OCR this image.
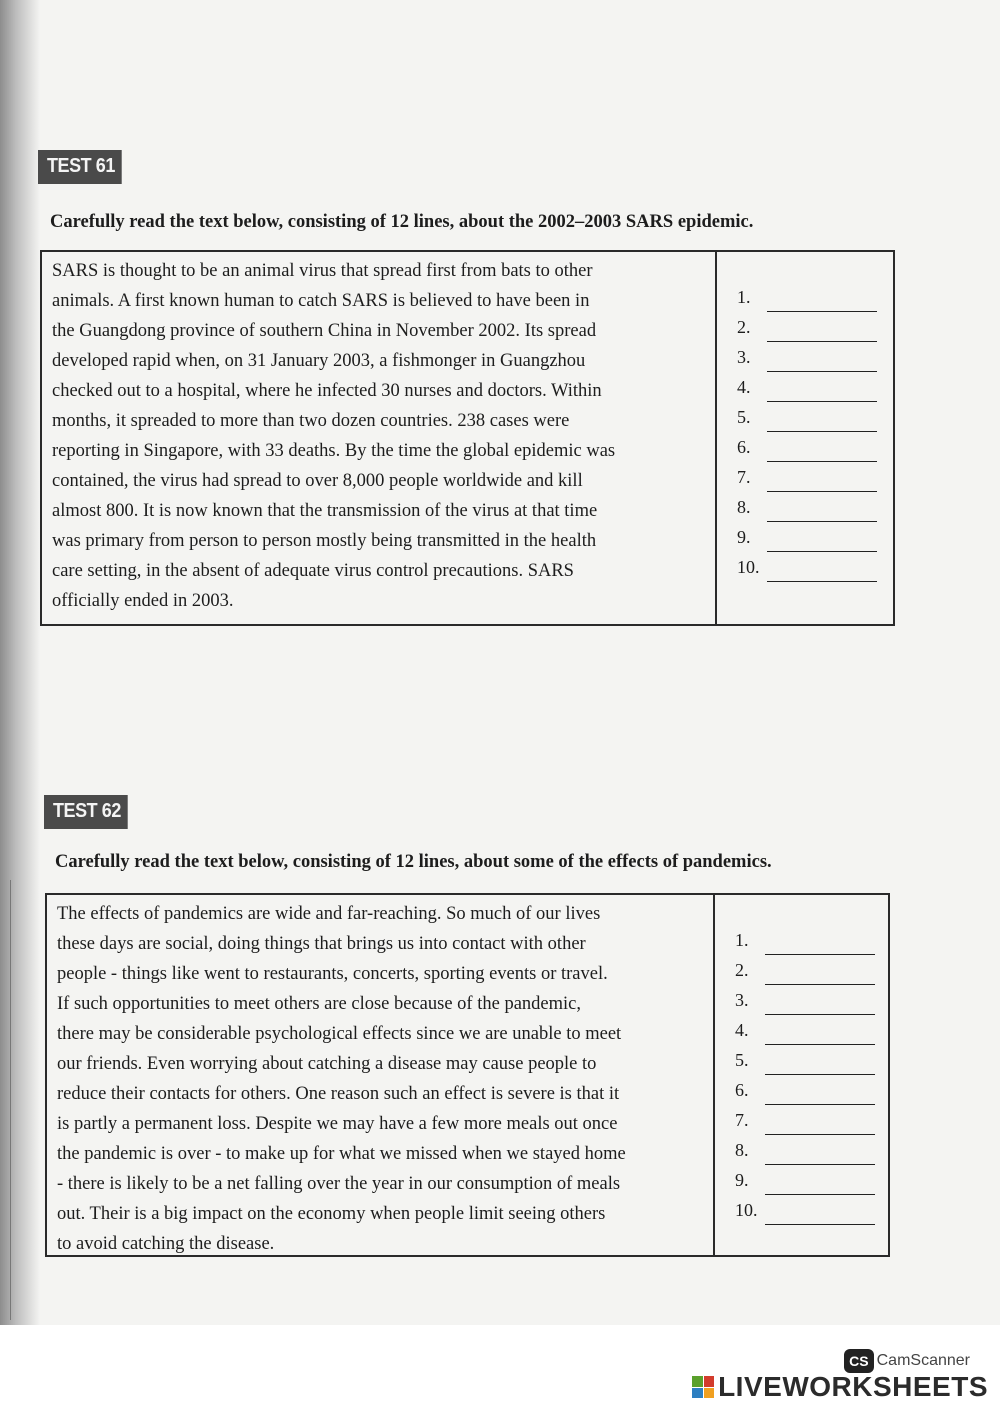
TEST 61
Carefully read the text below, consisting of 12 lines, about the 2002–2003 SARS epidemic.
SARS is thought to be an animal virus that spread first from bats to other
animals. A first known human to catch SARS is believed to have been in
the Guangdong province of southern China in November 2002. Its spread
developed rapid when, on 31 January 2003, a fishmonger in Guangzhou
checked out to a hospital, where he infected 30 nurses and doctors. Within
months, it spreaded to more than two dozen countries. 238 cases were
reporting in Singapore, with 33 deaths. By the time the global epidemic was
contained, the virus had spread to over 8,000 people worldwide and kill
almost 800. It is now known that the transmission of the virus at that time
was primary from person to person mostly being transmitted in the health
care setting, in the absent of adequate virus control precautions. SARS
officially ended in 2003.
1.
2.
3.
4.
5.
6.
7.
8.
9.
10.
TEST 62
Carefully read the text below, consisting of 12 lines, about some of the effects of pandemics.
The effects of pandemics are wide and far-reaching. So much of our lives
these days are social, doing things that brings us into contact with other
people - things like went to restaurants, concerts, sporting events or travel.
If such opportunities to meet others are close because of the pandemic,
there may be considerable psychological effects since we are unable to meet
our friends. Even worrying about catching a disease may cause people to
reduce their contacts for others. One reason such an effect is severe is that it
is partly a permanent loss. Despite we may have a few more meals out once
the pandemic is over - to make up for what we missed when we stayed home
- there is likely to be a net falling over the year in our consumption of meals
out. Their is a big impact on the economy when people limit seeing others
to avoid catching the disease.
1.
2.
3.
4.
5.
6.
7.
8.
9.
10.
CS CamScanner
LIVEWORKSHEETS
